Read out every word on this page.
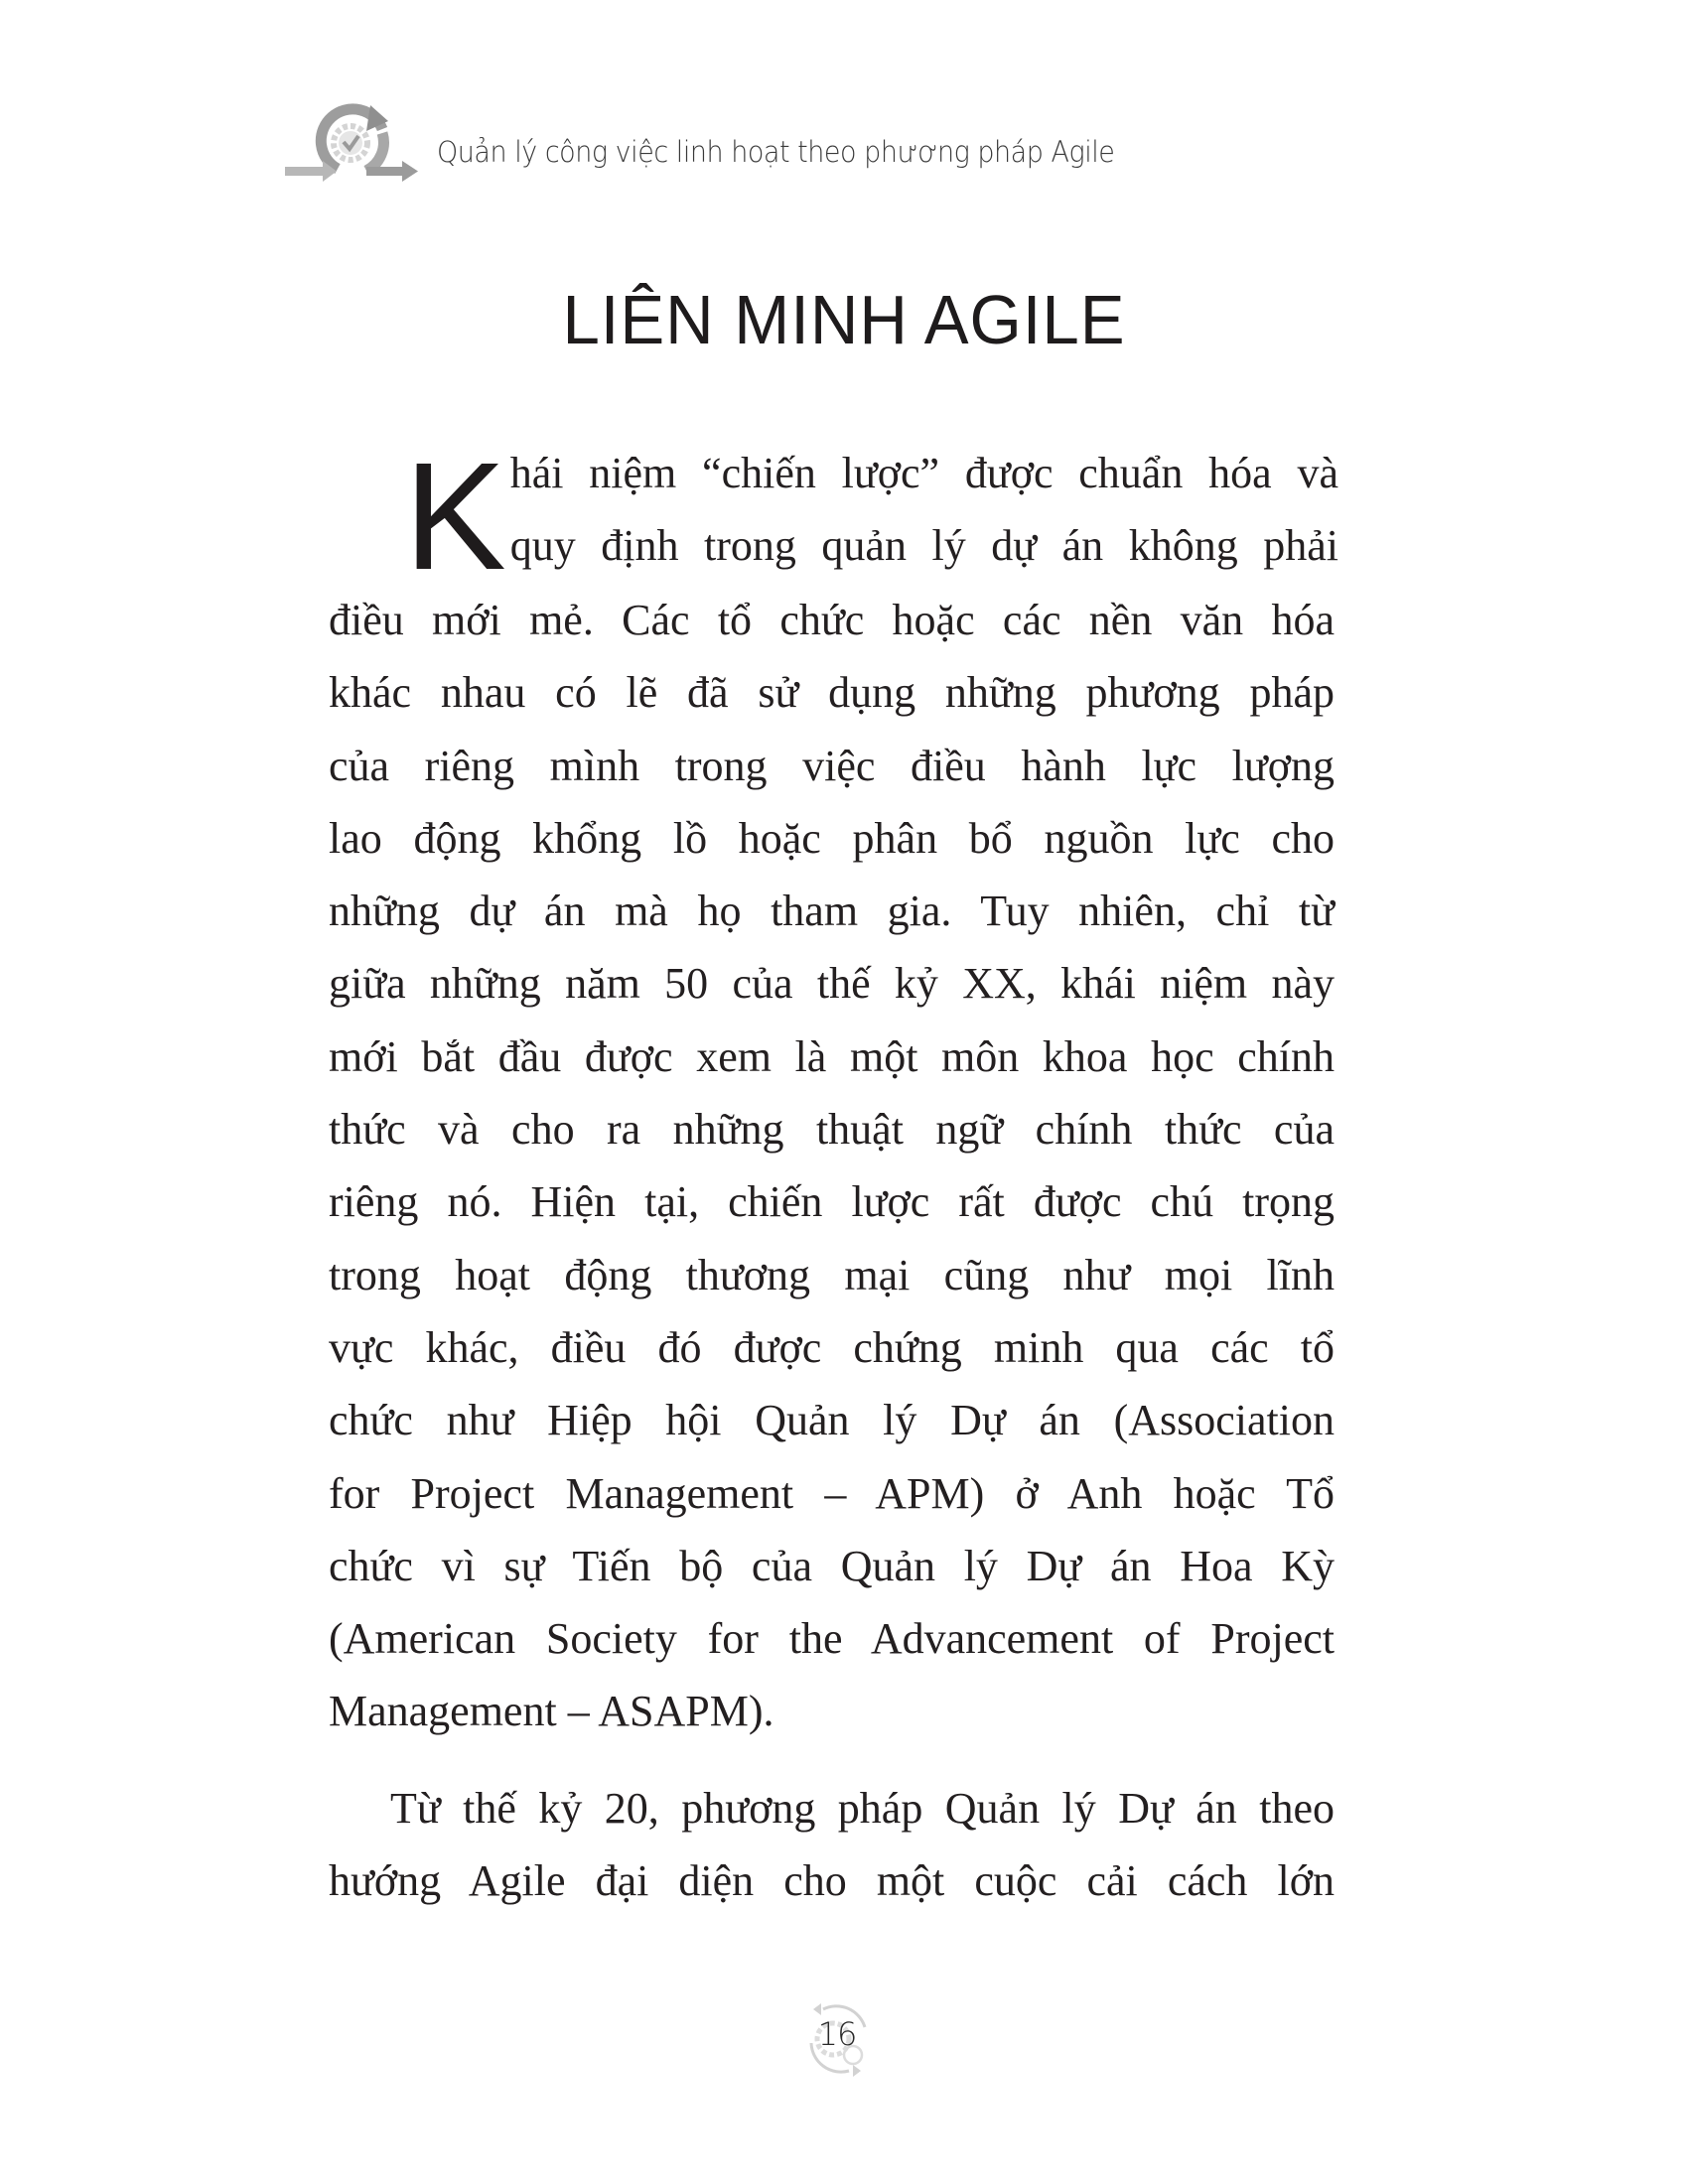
Quản lý công việc linh hoạt theo phương pháp Agile
LIÊN MINH AGILE
K hái niệm “chiến lược” được chuẩn hóa và
quy định trong quản lý dự án không phải
điều mới mẻ. Các tổ chức hoặc các nền văn hóa
khác nhau có lẽ đã sử dụng những phương pháp
của riêng mình trong việc điều hành lực lượng
lao động khổng lồ hoặc phân bổ nguồn lực cho
những dự án mà họ tham gia. Tuy nhiên, chỉ từ
giữa những năm 50 của thế kỷ XX, khái niệm này
mới bắt đầu được xem là một môn khoa học chính
thức và cho ra những thuật ngữ chính thức của
riêng nó. Hiện tại, chiến lược rất được chú trọng
trong hoạt động thương mại cũng như mọi lĩnh
vực khác, điều đó được chứng minh qua các tổ
chức như Hiệp hội Quản lý Dự án (Association
for Project Management – APM) ở Anh hoặc Tổ
chức vì sự Tiến bộ của Quản lý Dự án Hoa Kỳ
(American Society for the Advancement of Project
Management – ASAPM).
Từ thế kỷ 20, phương pháp Quản lý Dự án theo
hướng Agile đại diện cho một cuộc cải cách lớn
16
